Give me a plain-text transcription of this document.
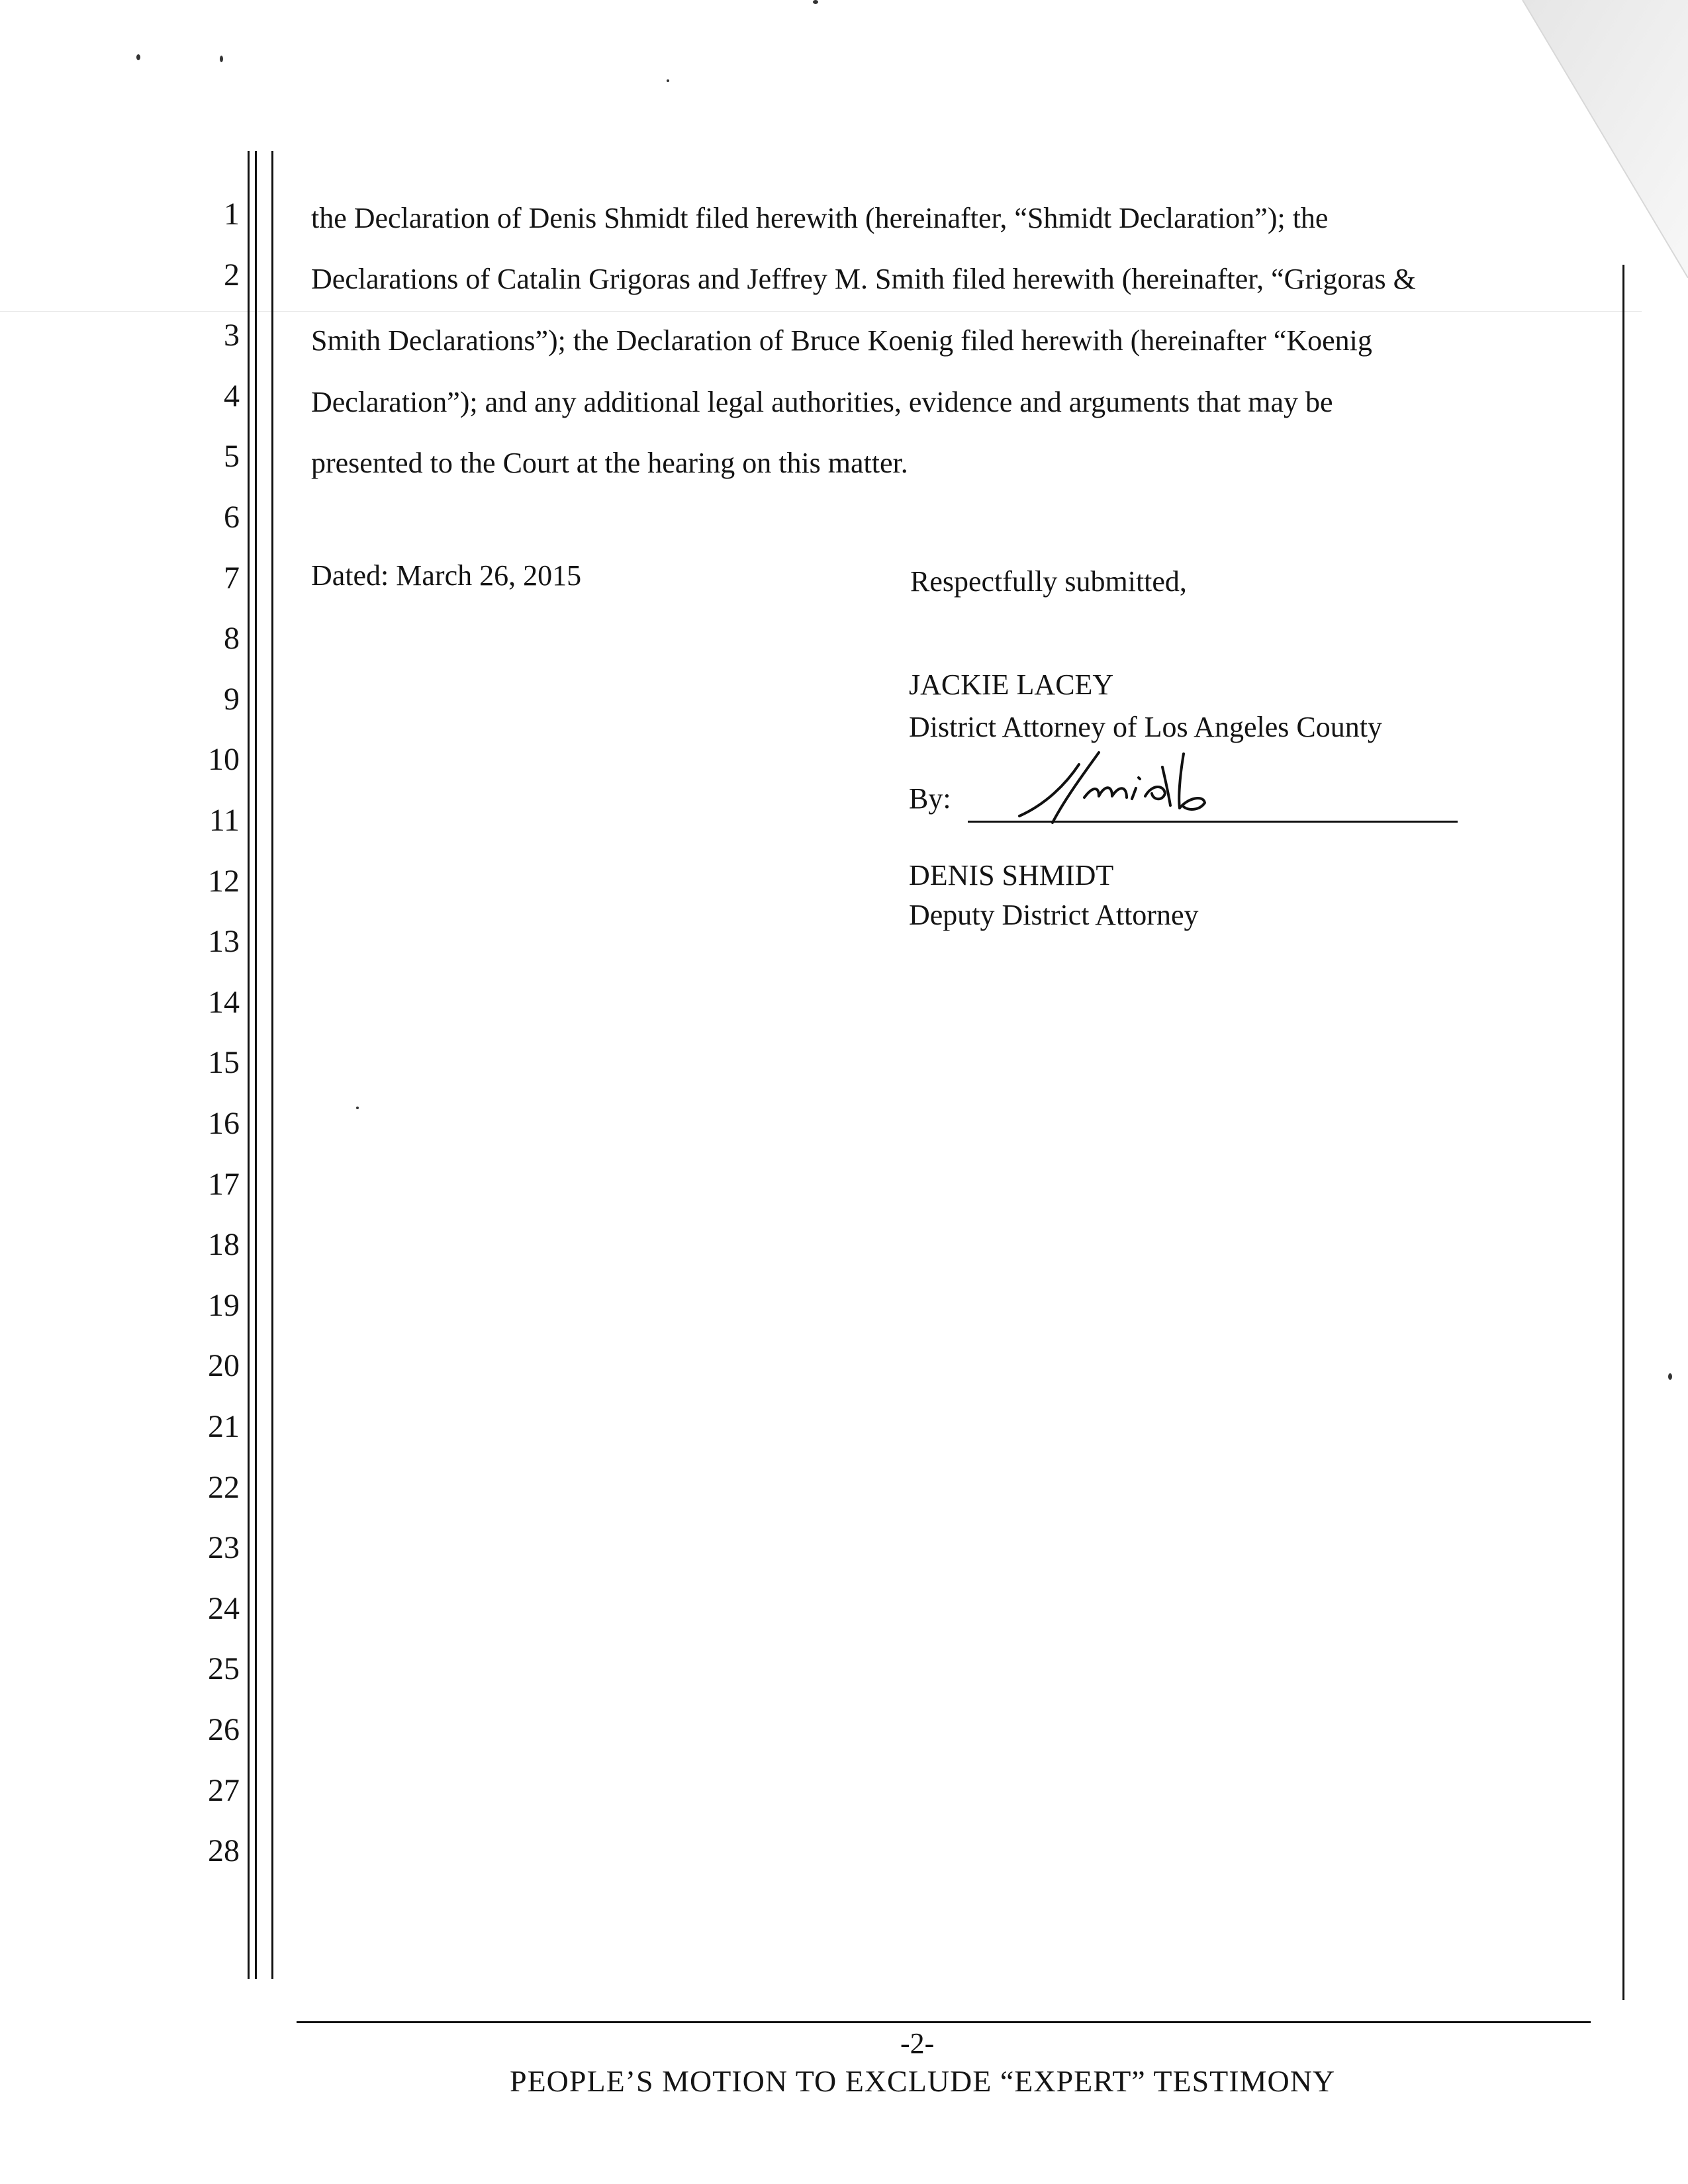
1
2
3
4
5
6
7
8
9
10
11
12
13
14
15
16
17
18
19
20
21
22
23
24
25
26
27
28
the Declaration of Denis Shmidt filed herewith (hereinafter, “Shmidt Declaration”); the
Declarations of Catalin Grigoras and Jeffrey M. Smith filed herewith (hereinafter, “Grigoras &
Smith Declarations”); the Declaration of Bruce Koenig filed herewith (hereinafter “Koenig
Declaration”); and any additional legal authorities, evidence and arguments that may be
presented to the Court at the hearing on this matter.
Dated: March 26, 2015	Respectfully submitted,
JACKIE LACEY
District Attorney of Los Angeles County
By:
DENIS SHMIDT
Deputy District Attorney
-2-
PEOPLE’S MOTION TO EXCLUDE “EXPERT” TESTIMONY
